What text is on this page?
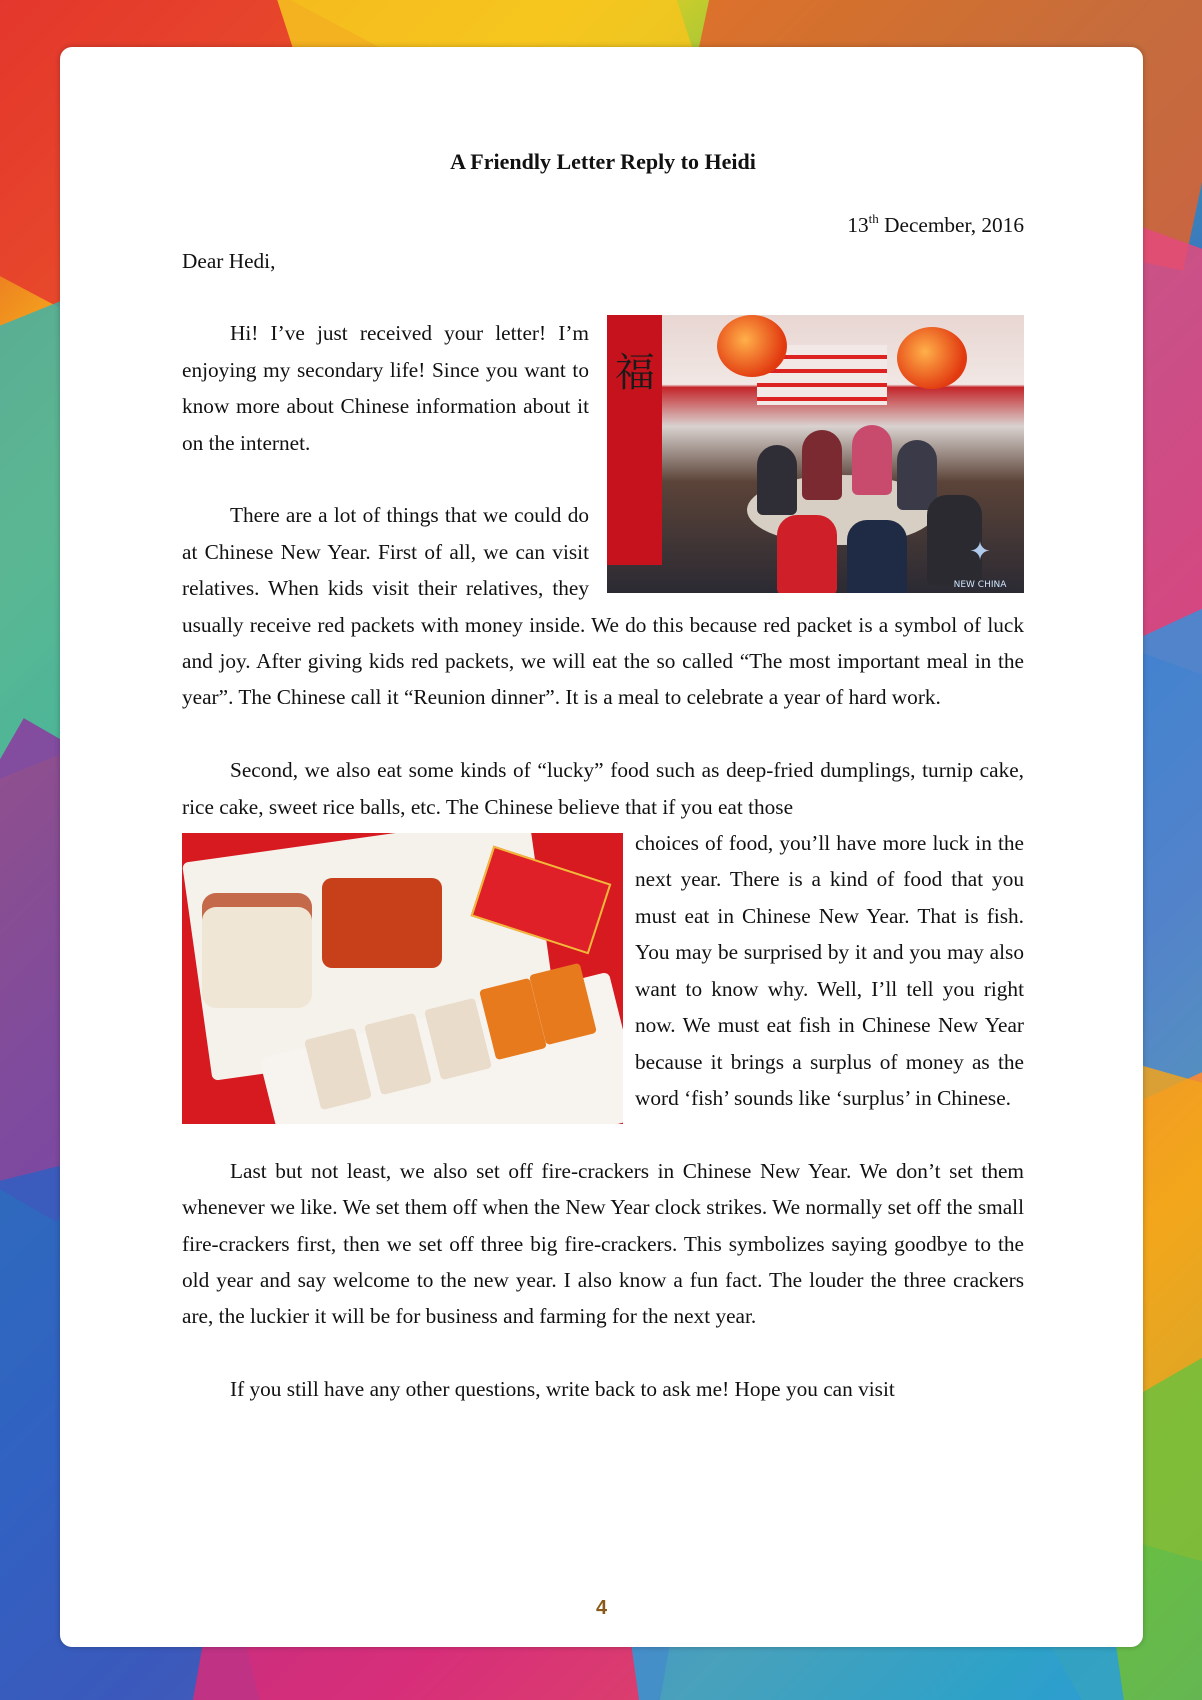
A Friendly Letter Reply to Heidi
13th December, 2016
Dear Hedi,
福
✦
NEW CHINA

Hi! I’ve just received your letter! I’m enjoying my secondary life! Since you want to know more about Chinese information about it on the internet.

There are a lot of things that we could do at Chinese New Year. First of all, we can visit relatives. When kids visit their relatives, they usually receive red packets with money inside. We do this because red packet is a symbol of luck and joy. After giving kids red packets, we will eat the so called “The most important meal in the year”. The Chinese call it “Reunion dinner”. It is a meal to celebrate a year of hard work.

Second, we also eat some kinds of “lucky” food such as deep-fried dumplings, turnip cake, rice cake, sweet rice balls, etc. The Chinese believe that if you eat those

choices of food, you’ll have more luck in the next year. There is a kind of food that you must eat in Chinese New Year. That is fish. You may be surprised by it and you may also want to know why. Well, I’ll tell you right now. We must eat fish in Chinese New Year because it brings a surplus of money as the word ‘fish’ sounds like ‘surplus’ in Chinese.

Last but not least, we also set off fire-crackers in Chinese New Year. We don’t set them whenever we like. We set them off when the New Year clock strikes. We normally set off the small fire-crackers first, then we set off three big fire-crackers. This symbolizes saying goodbye to the old year and say welcome to the new year. I also know a fun fact. The louder the three crackers are, the luckier it will be for business and farming for the next year.

If you still have any other questions, write back to ask me! Hope you can visit

4
